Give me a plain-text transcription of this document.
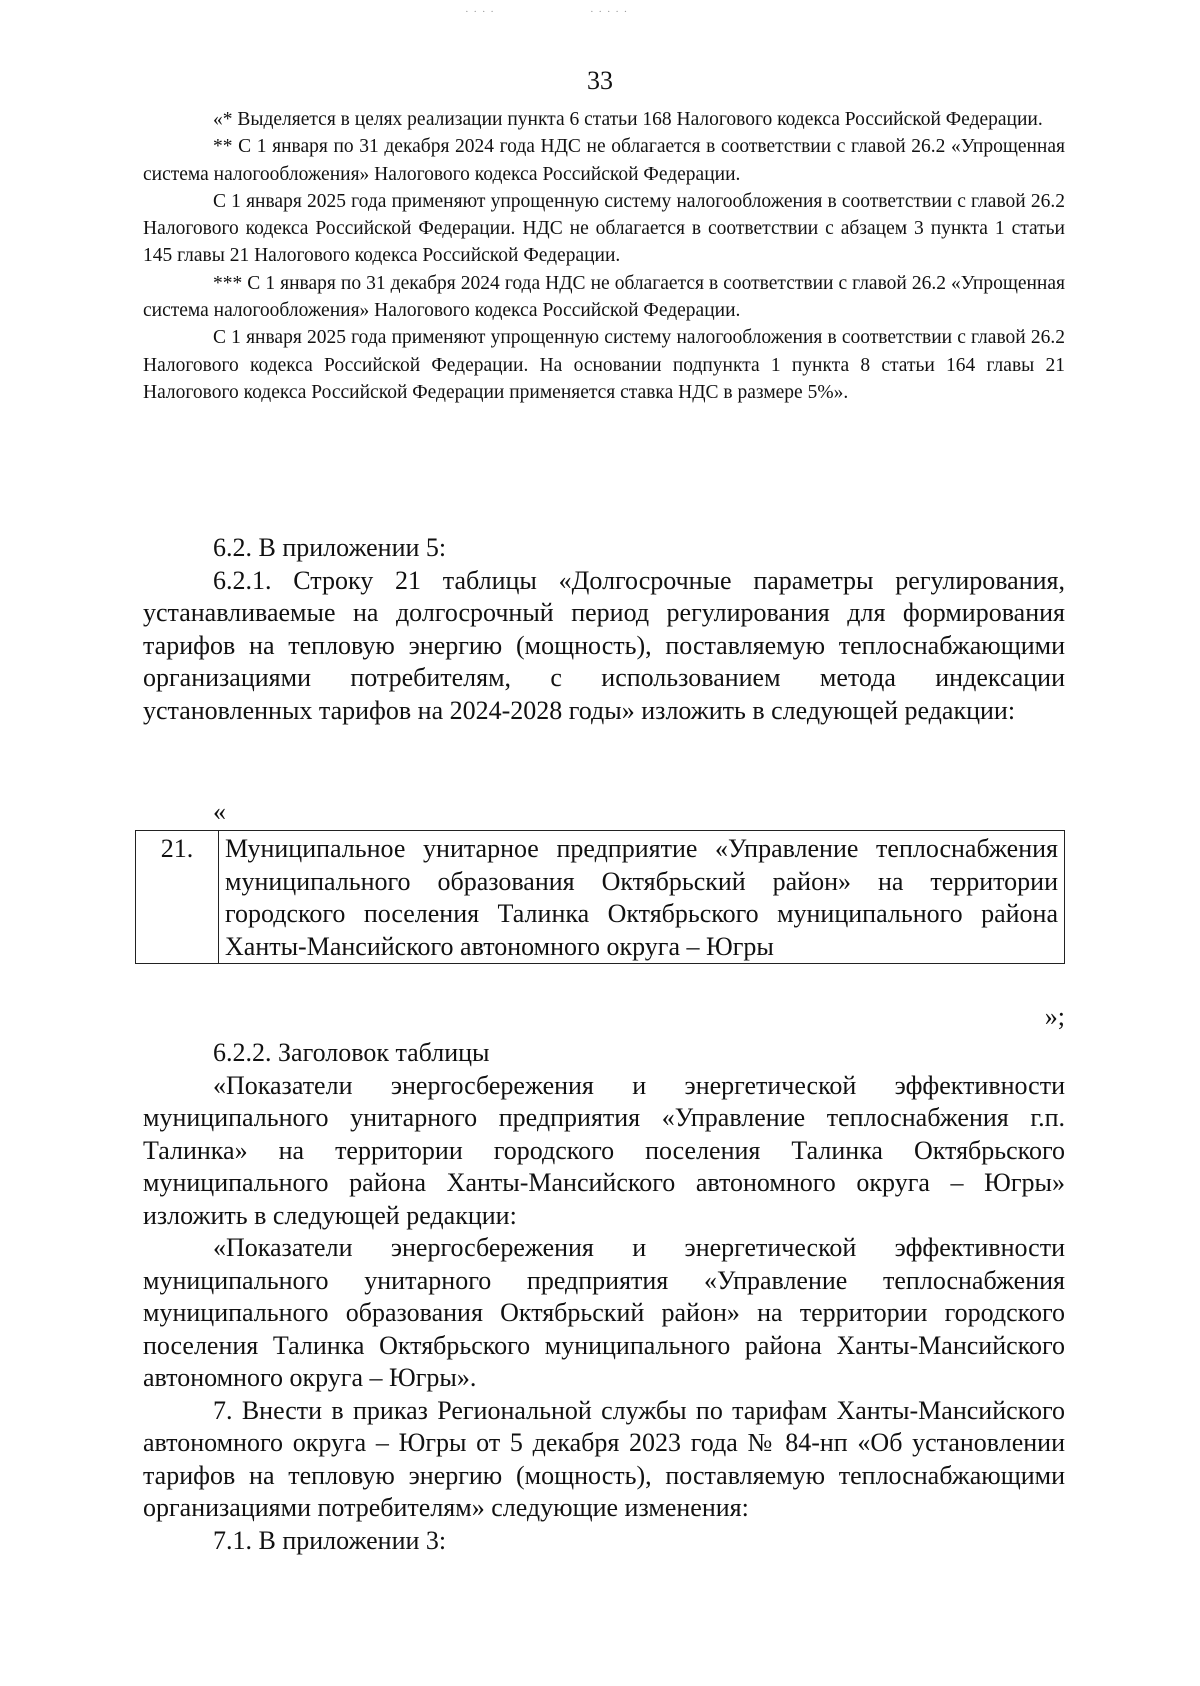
· · · ·	· · · · ·
33

«* Выделяется в целях реализации пункта 6 статьи 168 Налогового кодекса Российской Федерации.

** С 1 января по 31 декабря 2024 года НДС не облагается в соответствии с главой 26.2 «Упрощенная система налогообложения» Налогового кодекса Российской Федерации.

С 1 января 2025 года применяют упрощенную систему налогообложения в соответствии с главой 26.2 Налогового кодекса Российской Федерации. НДС не облагается в соответствии с абзацем 3 пункта 1 статьи 145 главы 21 Налогового кодекса Российской Федерации.

*** С 1 января по 31 декабря 2024 года НДС не облагается в соответствии с главой 26.2 «Упрощенная система налогообложения» Налогового кодекса Российской Федерации.

С 1 января 2025 года применяют упрощенную систему налогообложения в соответствии с главой 26.2 Налогового кодекса Российской Федерации. На основании подпункта 1 пункта 8 статьи 164 главы 21 Налогового кодекса Российской Федерации применяется ставка НДС в размере 5%».

6.2. В приложении 5:

6.2.1. Строку 21 таблицы «Долгосрочные параметры регулирования, устанавливаемые на долгосрочный период регулирования для формирования тарифов на тепловую энергию (мощность), поставляемую теплоснабжающими организациями потребителям, с использованием метода индексации установленных тарифов на 2024-2028 годы» изложить в следующей редакции:

«
21.	Муниципальное унитарное предприятие «Управление теплоснабжения муниципального образования Октябрьский район» на территории городского поселения Талинка Октябрьского муниципального района Ханты-Мансийского автономного округа – Югры
»;

6.2.2. Заголовок таблицы

«Показатели энергосбережения и энергетической эффективности муниципального унитарного предприятия «Управление теплоснабжения г.п. Талинка» на территории городского поселения Талинка Октябрьского муниципального района Ханты-Мансийского автономного округа – Югры» изложить в следующей редакции:

«Показатели энергосбережения и энергетической эффективности муниципального унитарного предприятия «Управление теплоснабжения муниципального образования Октябрьский район» на территории городского поселения Талинка Октябрьского муниципального района Ханты-Мансийского автономного округа – Югры».

7. Внести в приказ Региональной службы по тарифам Ханты-Мансийского автономного округа – Югры от 5 декабря 2023 года № 84-нп «Об установлении тарифов на тепловую энергию (мощность), поставляемую теплоснабжающими организациями потребителям» следующие изменения:

7.1. В приложении 3:
